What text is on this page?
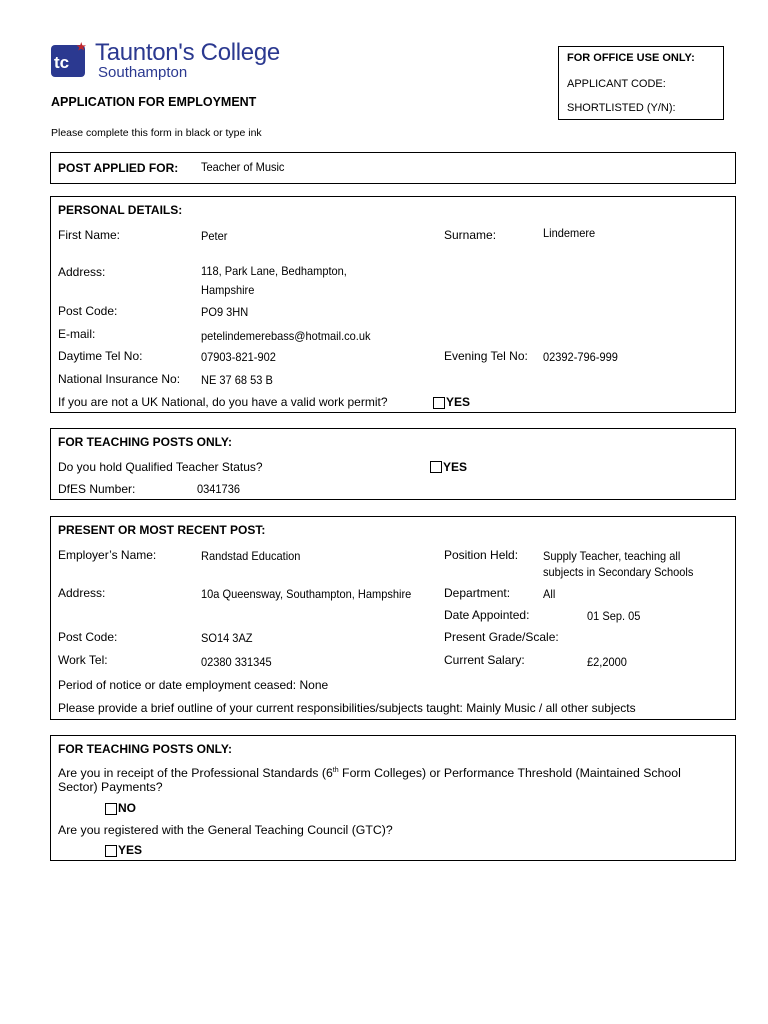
tc Taunton's College
Southampton
APPLICATION FOR EMPLOYMENT
Please complete this form in black or type ink
FOR OFFICE USE ONLY:
APPLICANT CODE:
SHORTLISTED (Y/N):
POST APPLIED FOR: Teacher of Music
PERSONAL DETAILS:
First Name:	Peter	Surname:	Lindemere
Address:	118, Park Lane, Bedhampton,
Hampshire
Post Code:	PO9 3HN
E-mail:	petelindemerebass@hotmail.co.uk
Daytime Tel No:	07903-821-902	Evening Tel No: 02392-796-999
National Insurance No: NE 37 68 53 B
If you are not a UK National, do you have a valid work permit?	YES
FOR TEACHING POSTS ONLY:
Do you hold Qualified Teacher Status?	YES
DfES Number:	0341736
PRESENT OR MOST RECENT POST:
Employer’s Name:	Randstad Education	Position Held: Supply Teacher, teaching all
subjects in Secondary Schools
Address:	10a Queensway, Southampton, Hampshire	Department:	All
Date Appointed:	01 Sep. 05
Post Code:	SO14 3AZ	Present Grade/Scale:
Work Tel:	02380 331345	Current Salary:	£2,2000
Period of notice or date employment ceased: None
Please provide a brief outline of your current responsibilities/subjects taught: Mainly Music / all other subjects
FOR TEACHING POSTS ONLY:
Are you in receipt of the Professional Standards (6th Form Colleges) or Performance Threshold (Maintained School
Sector) Payments?
NO
Are you registered with the General Teaching Council (GTC)?
YES
